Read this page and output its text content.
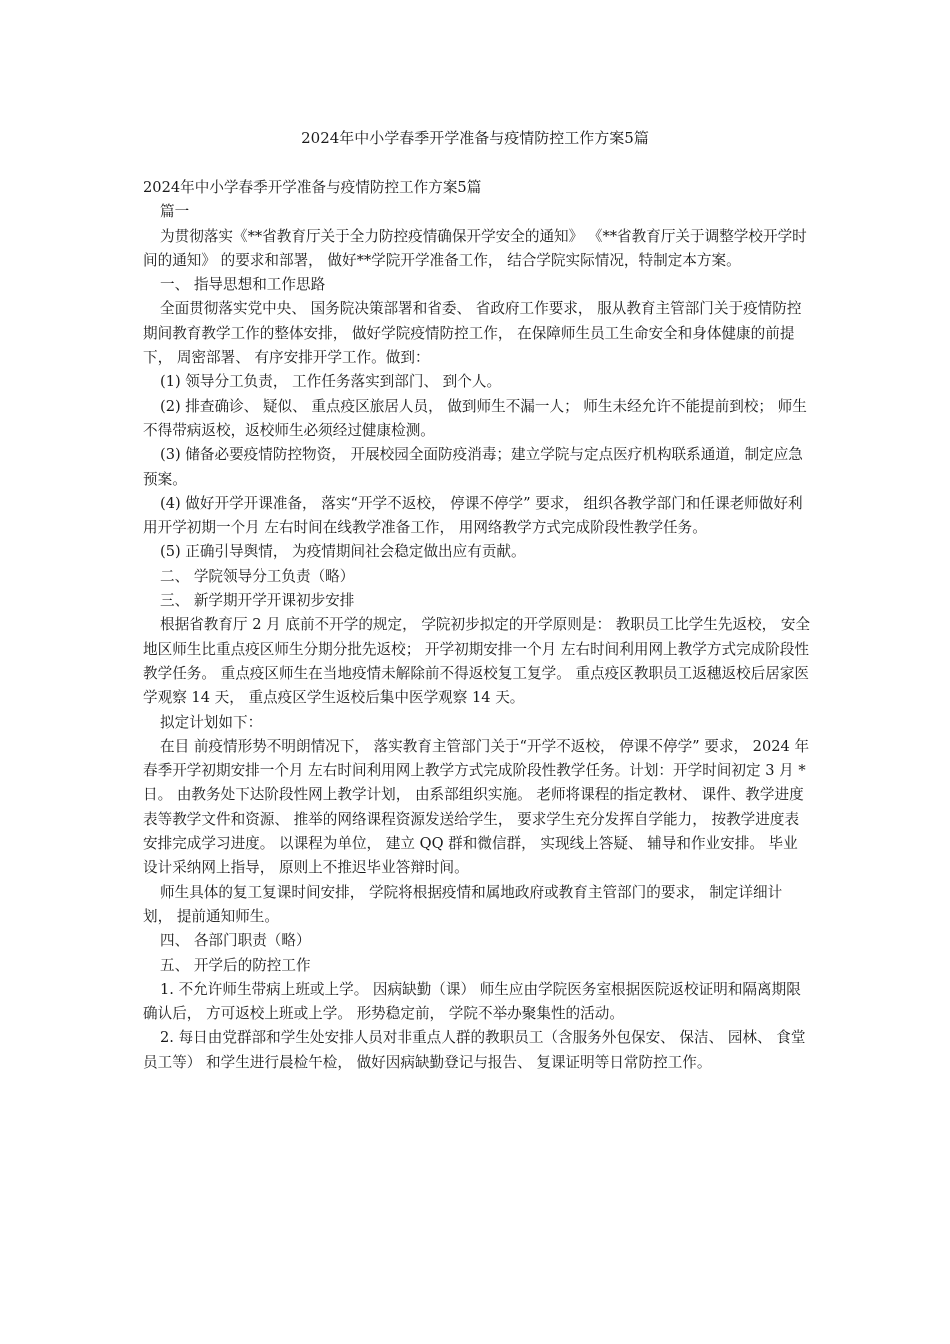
2024年中小学春季开学准备与疫情防控工作方案5篇

2024年中小学春季开学准备与疫情防控工作方案5篇

篇一

为贯彻落实《**省教育厅关于全力防控疫情确保开学安全的通知》 《**省教育厅关于调整学校开学时间的通知》 的要求和部署， 做好**学院开学准备工作， 结合学院实际情况，特制定本方案。

一、 指导思想和工作思路

全面贯彻落实党中央、 国务院决策部署和省委、 省政府工作要求， 服从教育主管部门关于疫情防控期间教育教学工作的整体安排， 做好学院疫情防控工作， 在保障师生员工生命安全和身体健康的前提下， 周密部署、 有序安排开学工作。做到：

(1) 领导分工负责， 工作任务落实到部门、 到个人。

(2) 排查确诊、 疑似、 重点疫区旅居人员， 做到师生不漏一人； 师生未经允许不能提前到校； 师生不得带病返校，返校师生必须经过健康检测。

(3) 储备必要疫情防控物资， 开展校园全面防疫消毒；建立学院与定点医疗机构联系通道，制定应急预案。

(4) 做好开学开课准备， 落实“开学不返校， 停课不停学” 要求， 组织各教学部门和任课老师做好利用开学初期一个月 左右时间在线教学准备工作， 用网络教学方式完成阶段性教学任务。

(5) 正确引导舆情， 为疫情期间社会稳定做出应有贡献。

二、 学院领导分工负责（略）

三、 新学期开学开课初步安排

根据省教育厅 2 月 底前不开学的规定， 学院初步拟定的开学原则是： 教职员工比学生先返校， 安全地区师生比重点疫区师生分期分批先返校； 开学初期安排一个月 左右时间利用网上教学方式完成阶段性教学任务。 重点疫区师生在当地疫情未解除前不得返校复工复学。 重点疫区教职员工返穗返校后居家医学观察 14 天， 重点疫区学生返校后集中医学观察 14 天。

拟定计划如下：

在目 前疫情形势不明朗情况下， 落实教育主管部门关于“开学不返校， 停课不停学” 要求， 2024 年春季开学初期安排一个月 左右时间利用网上教学方式完成阶段性教学任务。计划：开学时间初定 3 月 *日。 由教务处下达阶段性网上教学计划， 由系部组织实施。 老师将课程的指定教材、 课件、教学进度表等教学文件和资源、 推举的网络课程资源发送给学生， 要求学生充分发挥自学能力， 按教学进度表安排完成学习进度。 以课程为单位， 建立 QQ 群和微信群， 实现线上答疑、 辅导和作业安排。 毕业设计采纳网上指导， 原则上不推迟毕业答辩时间。

师生具体的复工复课时间安排， 学院将根据疫情和属地政府或教育主管部门的要求， 制定详细计划， 提前通知师生。

四、 各部门职责（略）

五、 开学后的防控工作

1. 不允许师生带病上班或上学。 因病缺勤（课） 师生应由学院医务室根据医院返校证明和隔离期限确认后， 方可返校上班或上学。 形势稳定前， 学院不举办聚集性的活动。

2. 每日由党群部和学生处安排人员对非重点人群的教职员工（含服务外包保安、 保洁、 园林、 食堂员工等） 和学生进行晨检午检， 做好因病缺勤登记与报告、 复课证明等日常防控工作。
